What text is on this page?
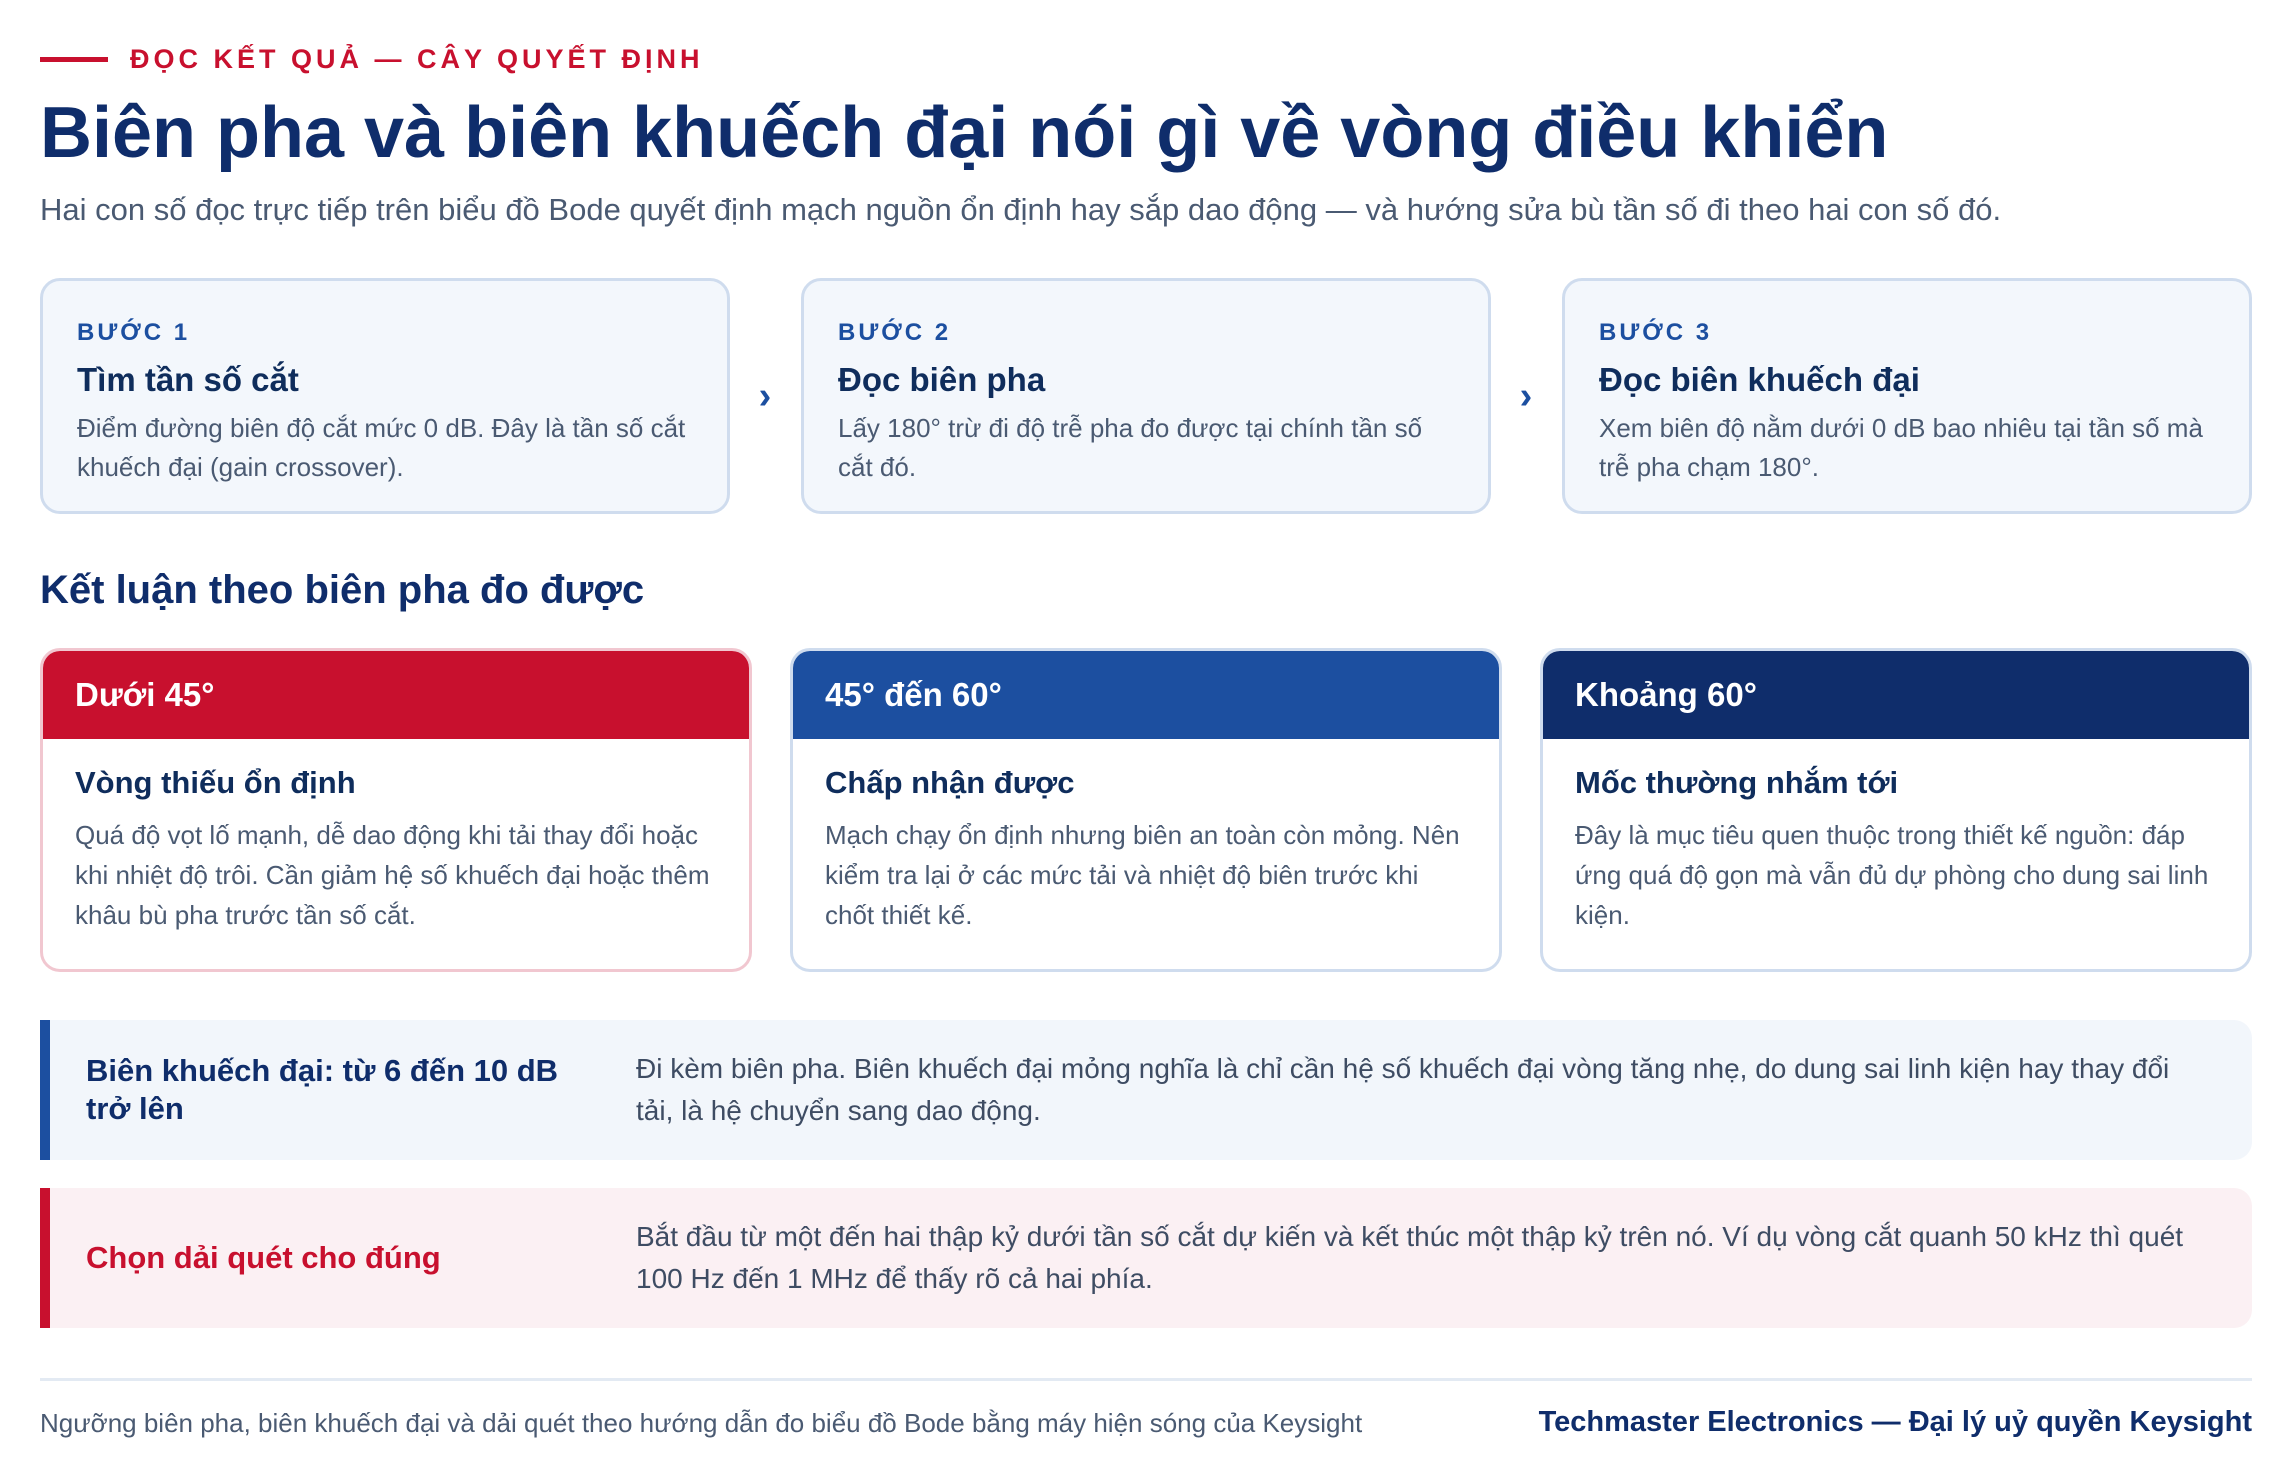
ĐỌC KẾT QUẢ — CÂY QUYẾT ĐỊNH
Biên pha và biên khuếch đại nói gì về vòng điều khiển
Hai con số đọc trực tiếp trên biểu đồ Bode quyết định mạch nguồn ổn định hay sắp dao động — và hướng sửa bù tần số đi theo hai con số đó.
BƯỚC 1
Tìm tần số cắt
Điểm đường biên độ cắt mức 0 dB. Đây là tần số cắt khuếch đại (gain crossover).
›
BƯỚC 2
Đọc biên pha
Lấy 180° trừ đi độ trễ pha đo được tại chính tần số cắt đó.
›
BƯỚC 3
Đọc biên khuếch đại
Xem biên độ nằm dưới 0 dB bao nhiêu tại tần số mà trễ pha chạm 180°.
Kết luận theo biên pha đo được
Dưới 45°
Vòng thiếu ổn định
Quá độ vọt lố mạnh, dễ dao động khi tải thay đổi hoặc khi nhiệt độ trôi. Cần giảm hệ số khuếch đại hoặc thêm khâu bù pha trước tần số cắt.
45° đến 60°
Chấp nhận được
Mạch chạy ổn định nhưng biên an toàn còn mỏng. Nên kiểm tra lại ở các mức tải và nhiệt độ biên trước khi chốt thiết kế.
Khoảng 60°
Mốc thường nhắm tới
Đây là mục tiêu quen thuộc trong thiết kế nguồn: đáp ứng quá độ gọn mà vẫn đủ dự phòng cho dung sai linh kiện.
Biên khuếch đại: từ 6 đến 10 dB trở lên
Đi kèm biên pha. Biên khuếch đại mỏng nghĩa là chỉ cần hệ số khuếch đại vòng tăng nhẹ, do dung sai linh kiện hay thay đổi tải, là hệ chuyển sang dao động.
Chọn dải quét cho đúng
Bắt đầu từ một đến hai thập kỷ dưới tần số cắt dự kiến và kết thúc một thập kỷ trên nó. Ví dụ vòng cắt quanh 50 kHz thì quét 100 Hz đến 1 MHz để thấy rõ cả hai phía.
Ngưỡng biên pha, biên khuếch đại và dải quét theo hướng dẫn đo biểu đồ Bode bằng máy hiện sóng của Keysight	Techmaster Electronics — Đại lý uỷ quyền Keysight
